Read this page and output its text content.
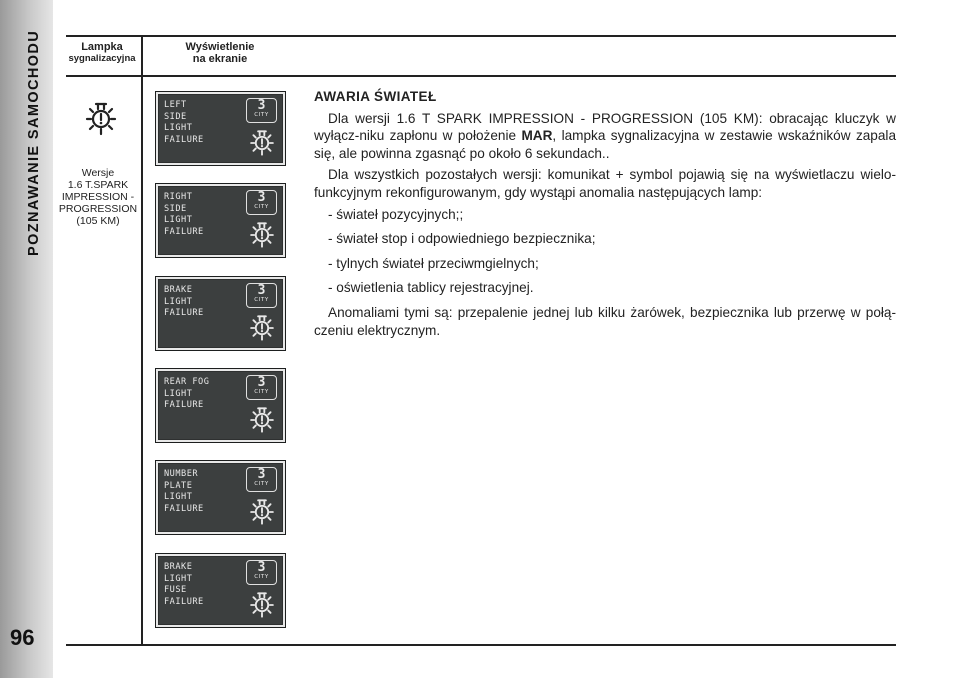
POZNAWANIE SAMOCHODU
96
Lampka
sygnalizacyjna
Wyświetlenie
na ekranie
Wersje
1.6 T.SPARK
IMPRESSION -
PROGRESSION
(105 KM)
LEFT
SIDE
LIGHT
FAILURE
3
CITY
RIGHT
SIDE
LIGHT
FAILURE
3
CITY
BRAKE
LIGHT
FAILURE
3
CITY
REAR FOG
LIGHT
FAILURE
3
CITY
NUMBER
PLATE
LIGHT
FAILURE
3
CITY
BRAKE
LIGHT
FUSE
FAILURE
3
CITY
AWARIA ŚWIATEŁ

Dla wersji 1.6 T SPARK IMPRESSION - PROGRESSION (105 KM): obracając kluczyk w wyłącz-niku zapłonu w położenie MAR, lampka sygnalizacyjna w zestawie wskaźników zapala się, ale powinna zgasnąć po około 6 sekundach..

Dla wszystkich pozostałych wersji: komunikat + symbol pojawią się na wyświetlaczu wielo-funkcyjnym rekonfigurowanym, gdy wystąpi anomalia następujących lamp:

- świateł pozycyjnych;;
- świateł stop i odpowiedniego bezpiecznika;
- tylnych świateł przeciwmgielnych;
- oświetlenia tablicy rejestracyjnej.

Anomaliami tymi są: przepalenie jednej lub kilku żarówek, bezpiecznika lub przerwę w połą-czeniu elektrycznym.
